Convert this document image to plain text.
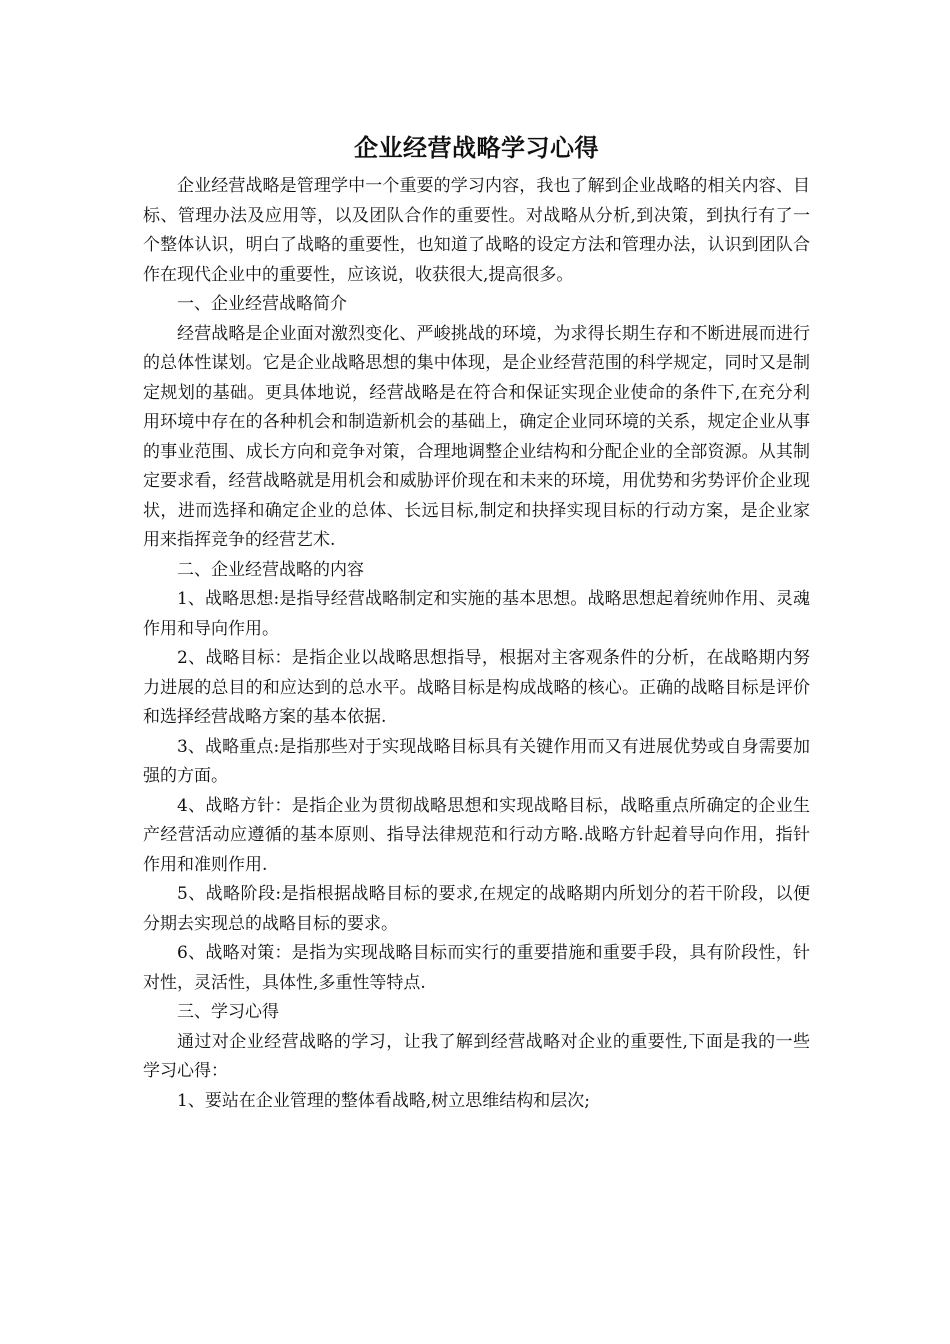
企业经营战略学习心得

企业经营战略是管理学中一个重要的学习内容，我也了解到企业战略的相关内容、目标、管理办法及应用等，以及团队合作的重要性。对战略从分析,到决策，到执行有了一个整体认识，明白了战略的重要性，也知道了战略的设定方法和管理办法，认识到团队合作在现代企业中的重要性，应该说，收获很大,提高很多。

一、企业经营战略简介

经营战略是企业面对激烈变化、严峻挑战的环境，为求得长期生存和不断进展而进行的总体性谋划。它是企业战略思想的集中体现，是企业经营范围的科学规定，同时又是制定规划的基础。更具体地说，经营战略是在符合和保证实现企业使命的条件下,在充分利用环境中存在的各种机会和制造新机会的基础上，确定企业同环境的关系，规定企业从事的事业范围、成长方向和竞争对策，合理地调整企业结构和分配企业的全部资源。从其制定要求看，经营战略就是用机会和威胁评价现在和未来的环境，用优势和劣势评价企业现状，进而选择和确定企业的总体、长远目标,制定和抉择实现目标的行动方案，是企业家用来指挥竞争的经营艺术.

二、企业经营战略的内容

1、战略思想:是指导经营战略制定和实施的基本思想。战略思想起着统帅作用、灵魂作用和导向作用。

2、战略目标：是指企业以战略思想指导，根据对主客观条件的分析，在战略期内努力进展的总目的和应达到的总水平。战略目标是构成战略的核心。正确的战略目标是评价和选择经营战略方案的基本依据.

3、战略重点:是指那些对于实现战略目标具有关键作用而又有进展优势或自身需要加强的方面。

4、战略方针：是指企业为贯彻战略思想和实现战略目标，战略重点所确定的企业生产经营活动应遵循的基本原则、指导法律规范和行动方略.战略方针起着导向作用，指针作用和准则作用.

5、战略阶段:是指根据战略目标的要求,在规定的战略期内所划分的若干阶段，以便分期去实现总的战略目标的要求。

6、战略对策：是指为实现战略目标而实行的重要措施和重要手段，具有阶段性，针对性，灵活性，具体性,多重性等特点.

三、学习心得

通过对企业经营战略的学习，让我了解到经营战略对企业的重要性,下面是我的一些学习心得：

1、要站在企业管理的整体看战略,树立思维结构和层次;
